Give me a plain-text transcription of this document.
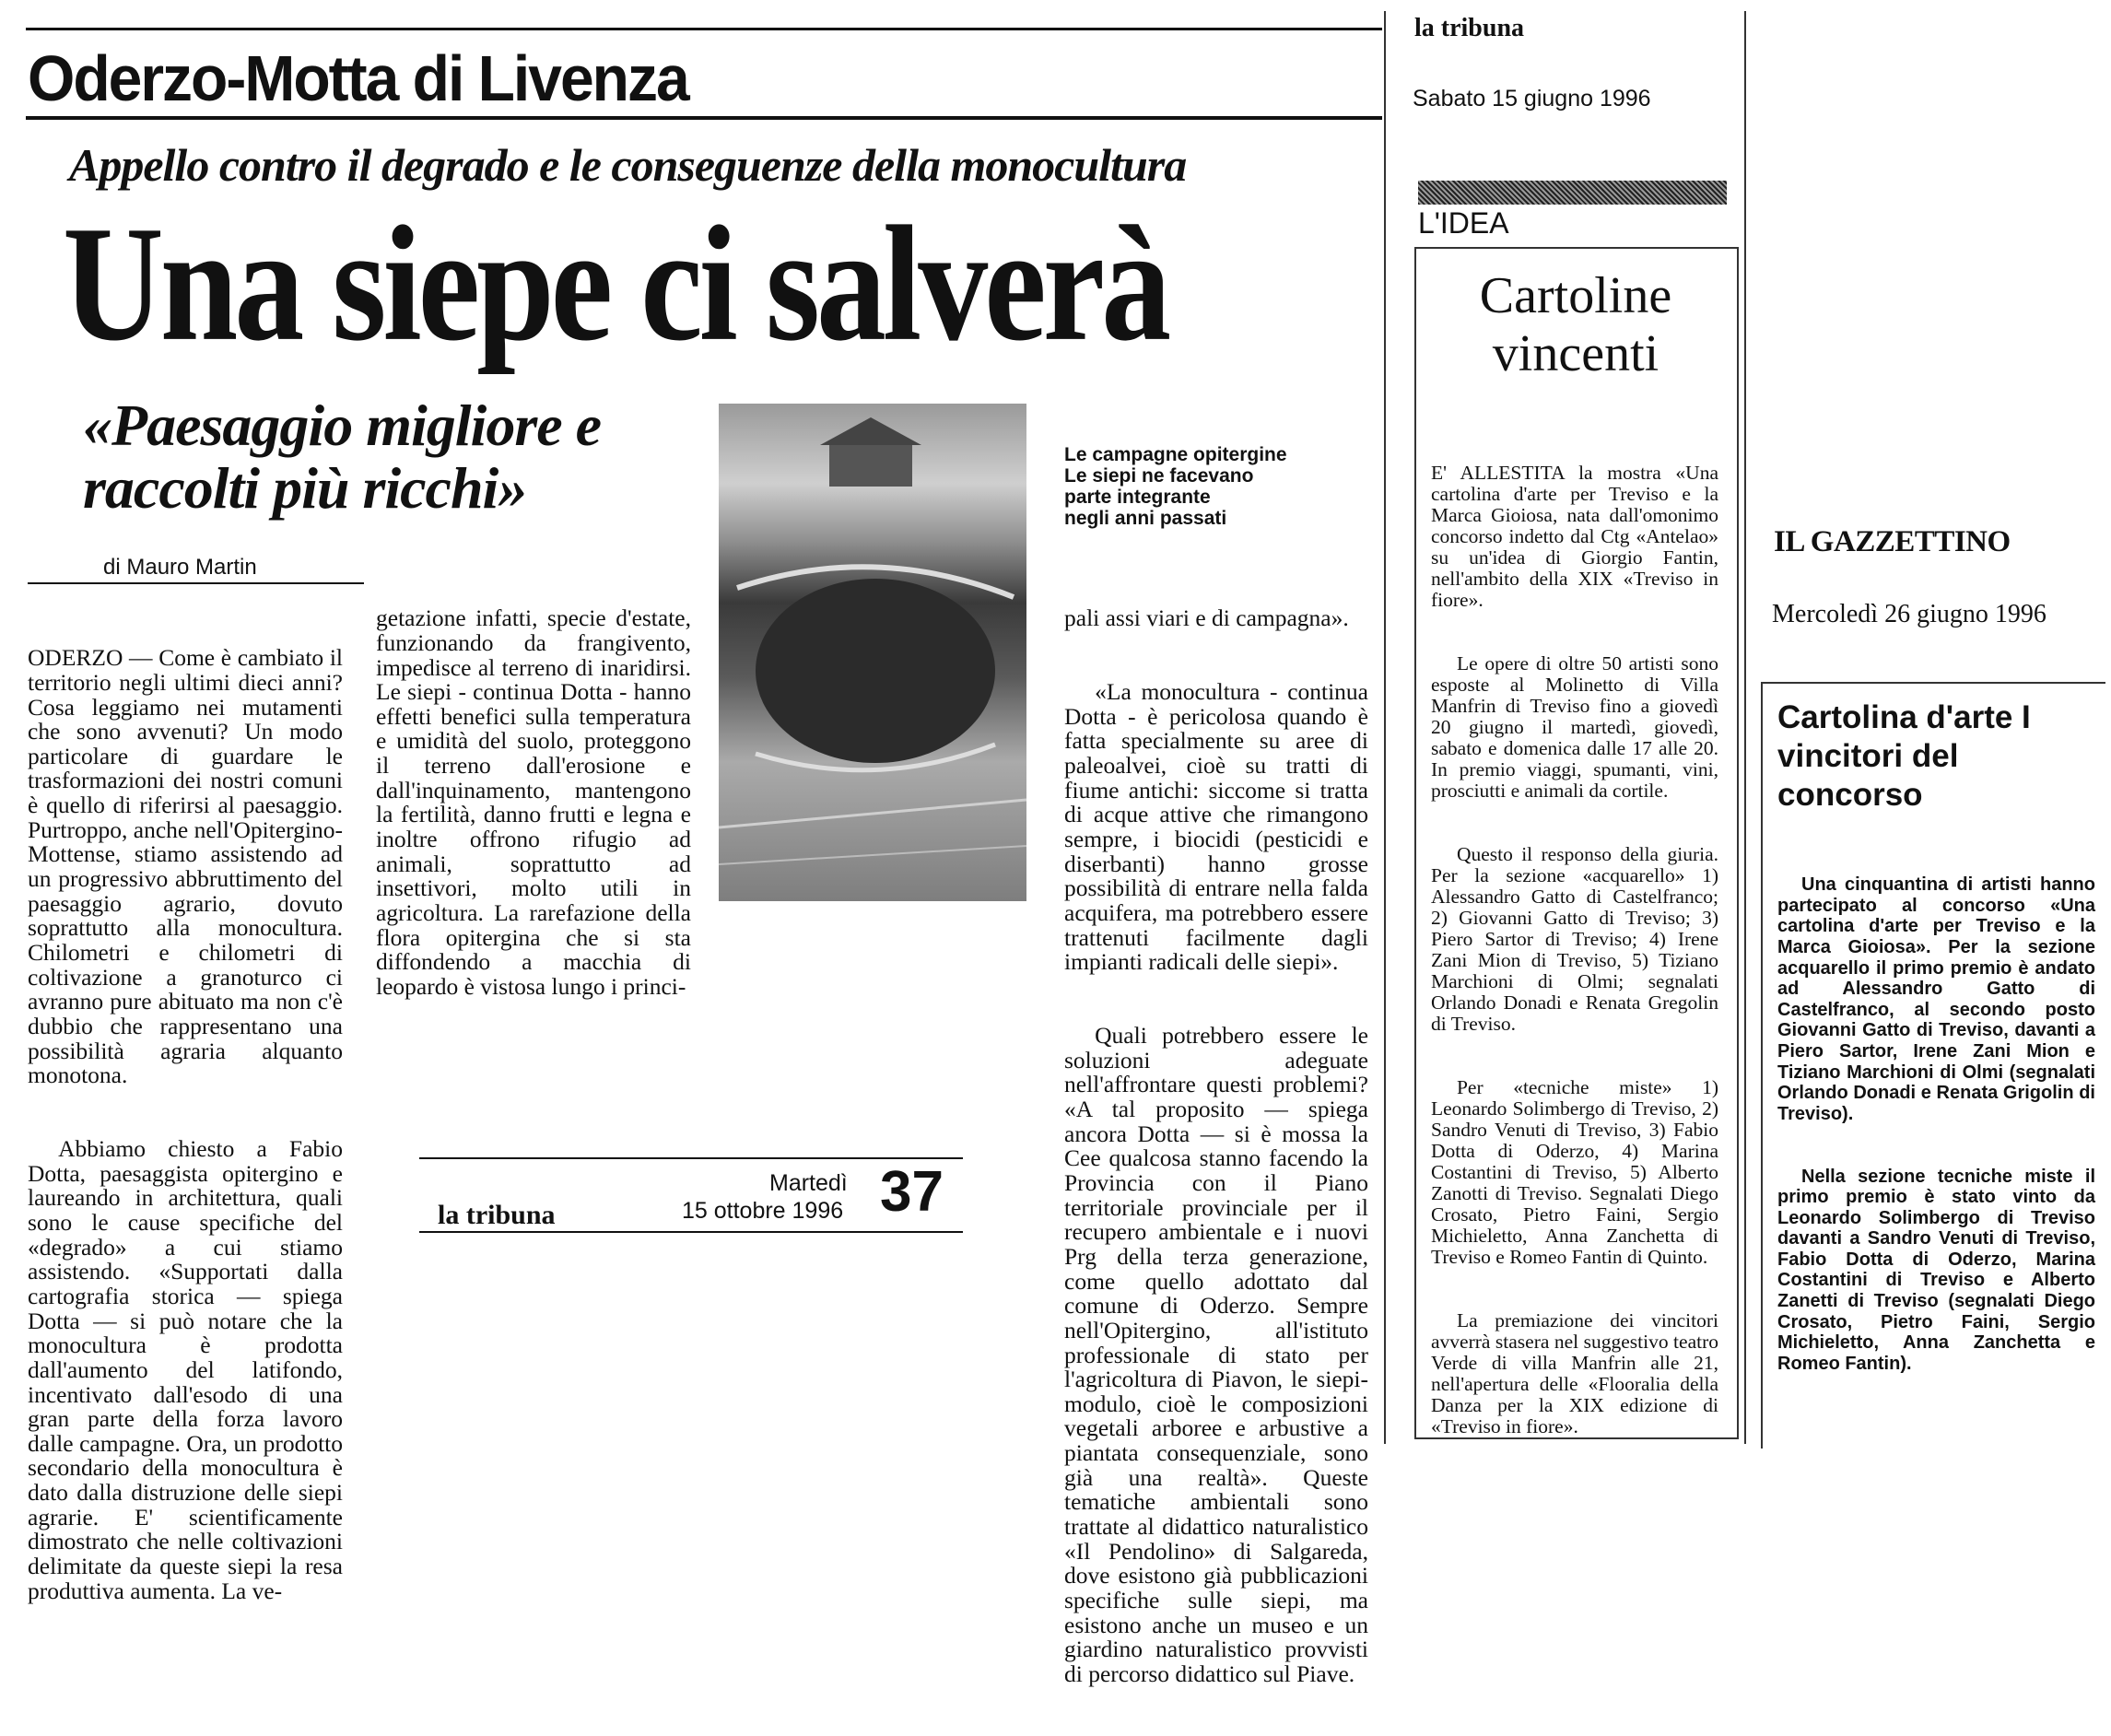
Oderzo-Motta di Livenza
Appello contro il degrado e le conseguenze della monocultura
Una siepe ci salverà
«Paesaggio migliore e raccolti più ricchi»
di Mauro Martin
Le campagne opitergine
Le siepi ne facevano
parte integrante
negli anni passati

ODERZO — Come è cambiato il territorio negli ultimi dieci anni? Cosa leggiamo nei mutamenti che sono avvenuti? Un modo particolare di guardare le trasformazioni dei nostri comuni è quello di riferirsi al paesaggio. Purtroppo, anche nell'Opitergino-Mottense, stiamo assistendo ad un progressivo abbruttimento del paesaggio agrario, dovuto soprattutto alla monocultura. Chilometri e chilometri di coltivazione a granoturco ci avranno pure abituato ma non c'è dubbio che rappresentano una possibilità agraria alquanto monotona.

Abbiamo chiesto a Fabio Dotta, paesaggista opitergino e laureando in architettura, quali sono le cause specifiche del «degrado» a cui stiamo assistendo. «Supportati dalla cartografia storica — spiega Dotta — si può notare che la monocultura è prodotta dall'aumento del latifondo, incentivato dall'esodo di una gran parte della forza lavoro dalle campagne. Ora, un prodotto secondario della monocultura è dato dalla distruzione delle siepi agrarie. E' scientificamente dimostrato che nelle coltivazioni delimitate da queste siepi la resa produttiva aumenta. La ve-

getazione infatti, specie d'estate, funzionando da frangivento, impedisce al terreno di inaridirsi. Le siepi - continua Dotta - hanno effetti benefici sulla temperatura e umidità del suolo, proteggono il terreno dall'erosione e dall'inquinamento, mantengono la fertilità, danno frutti e legna e inoltre offrono rifugio ad animali, soprattutto ad insettivori, molto utili in agricoltura. La rarefazione della flora opitergina che si sta diffondendo a macchia di leopardo è vistosa lungo i princi-

pali assi viari e di campagna».

«La monocultura - continua Dotta - è pericolosa quando è fatta specialmente su aree di paleoalvei, cioè su tratti di fiume antichi: siccome si tratta di acque attive che rimangono sempre, i biocidi (pesticidi e diserbanti) hanno grosse possibilità di entrare nella falda acquifera, ma potrebbero essere trattenuti facilmente dagli impianti radicali delle siepi».

Quali potrebbero essere le soluzioni adeguate nell'affrontare questi problemi? «A tal proposito — spiega ancora Dotta — si è mossa la Cee qualcosa stanno facendo la Provincia con il Piano territoriale provinciale per il recupero ambientale e i nuovi Prg della terza generazione, come quello adottato dal comune di Oderzo. Sempre nell'Opitergino, all'istituto professionale di stato per l'agricoltura di Piavon, le siepi-modulo, cioè le composizioni vegetali arboree e arbustive a piantata consequenziale, sono già una realtà». Queste tematiche ambientali sono trattate al didattico naturalistico «Il Pendolino» di Salgareda, dove esistono già pubblicazioni specifiche sulle siepi, ma esistono anche un museo e un giardino naturalistico provvisti di percorso didattico sul Piave.

la tribuna
Martedì
15 ottobre 1996 37
la tribuna
Sabato 15 giugno 1996
L'IDEA
Cartoline vincenti

E' ALLESTITA la mostra «Una cartolina d'arte per Treviso e la Marca Gioiosa, nata dall'omonimo concorso indetto dal Ctg «Antelao» su un'idea di Giorgio Fantin, nell'ambito della XIX «Treviso in fiore».

Le opere di oltre 50 artisti sono esposte al Molinetto di Villa Manfrin di Treviso fino a giovedì 20 giugno il martedì, giovedì, sabato e domenica dalle 17 alle 20. In premio viaggi, spumanti, vini, prosciutti e animali da cortile.

Questo il responso della giuria. Per la sezione «acquarello» 1) Alessandro Gatto di Castelfranco; 2) Giovanni Gatto di Treviso; 3) Piero Sartor di Treviso; 4) Irene Zani Mion di Treviso, 5) Tiziano Marchioni di Olmi; segnalati Orlando Donadi e Renata Gregolin di Treviso.

Per «tecniche miste» 1) Leonardo Solimbergo di Treviso, 2) Sandro Venuti di Treviso, 3) Fabio Dotta di Oderzo, 4) Marina Costantini di Treviso, 5) Alberto Zanotti di Treviso. Segnalati Diego Crosato, Pietro Faini, Sergio Michieletto, Anna Zanchetta di Treviso e Romeo Fantin di Quinto.

La premiazione dei vincitori avverrà stasera nel suggestivo teatro Verde di villa Manfrin alle 21, nell'apertura delle «Flooralia della Danza per la XIX edizione di «Treviso in fiore».

IL GAZZETTINO
Mercoledì 26 giugno 1996
Cartolina d'arte I vincitori del concorso

Una cinquantina di artisti hanno partecipato al concorso «Una cartolina d'arte per Treviso e la Marca Gioiosa». Per la sezione acquarello il primo premio è andato ad Alessandro Gatto di Castelfranco, al secondo posto Giovanni Gatto di Treviso, davanti a Piero Sartor, Irene Zani Mion e Tiziano Marchioni di Olmi (segnalati Orlando Donadi e Renata Grigolin di Treviso).

Nella sezione tecniche miste il primo premio è stato vinto da Leonardo Solimbergo di Treviso davanti a Sandro Venuti di Treviso, Fabio Dotta di Oderzo, Marina Costantini di Treviso e Alberto Zanetti di Treviso (segnalati Diego Crosato, Pietro Faini, Sergio Michieletto, Anna Zanchetta e Romeo Fantin).
